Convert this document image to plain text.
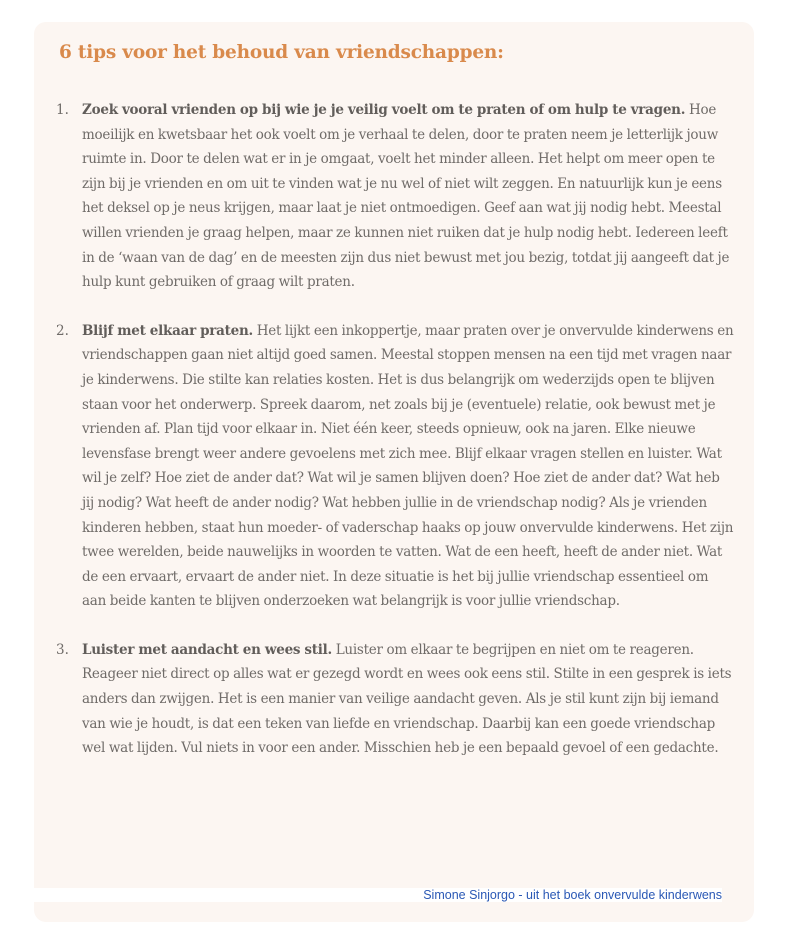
6 tips voor het behoud van vriendschappen:
1. Zoek vooral vrienden op bij wie je je veilig voelt om te praten of om hulp te vragen. Hoe moeilijk en kwetsbaar het ook voelt om je verhaal te delen, door te praten neem je letterlijk jouw ruimte in. Door te delen wat er in je omgaat, voelt het minder alleen. Het helpt om meer open te zijn bij je vrienden en om uit te vinden wat je nu wel of niet wilt zeggen. En natuurlijk kun je eens het deksel op je neus krijgen, maar laat je niet ontmoedigen. Geef aan wat jij nodig hebt. Meestal willen vrienden je graag helpen, maar ze kunnen niet ruiken dat je hulp nodig hebt. Iedereen leeft in de ‘waan van de dag’ en de meesten zijn dus niet bewust met jou bezig, totdat jij aangeeft dat je hulp kunt gebruiken of graag wilt praten.

2. Blijf met elkaar praten. Het lijkt een inkoppertje, maar praten over je onvervulde kinderwens en vriendschappen gaan niet altijd goed samen. Meestal stoppen mensen na een tijd met vragen naar je kinderwens. Die stilte kan relaties kosten. Het is dus belangrijk om wederzijds open te blijven staan voor het onderwerp. Spreek daarom, net zoals bij je (eventuele) relatie, ook bewust met je vrienden af. Plan tijd voor elkaar in. Niet één keer, steeds opnieuw, ook na jaren. Elke nieuwe levensfase brengt weer andere gevoelens met zich mee. Blijf elkaar vragen stellen en luister. Wat wil je zelf? Hoe ziet de ander dat? Wat wil je samen blijven doen? Hoe ziet de ander dat? Wat heb jij nodig? Wat heeft de ander nodig? Wat hebben jullie in de vriendschap nodig? Als je vrienden kinderen hebben, staat hun moeder- of vaderschap haaks op jouw onvervulde kinderwens. Het zijn twee werelden, beide nauwelijks in woorden te vatten. Wat de een heeft, heeft de ander niet. Wat de een ervaart, ervaart de ander niet. In deze situatie is het bij jullie vriendschap essentieel om aan beide kanten te blijven onderzoeken wat belangrijk is voor jullie vriendschap.

3. Luister met aandacht en wees stil. Luister om elkaar te begrijpen en niet om te reageren. Reageer niet direct op alles wat er gezegd wordt en wees ook eens stil. Stilte in een gesprek is iets anders dan zwijgen. Het is een manier van veilige aandacht geven. Als je stil kunt zijn bij iemand van wie je houdt, is dat een teken van liefde en vriendschap. Daarbij kan een goede vriendschap wel wat lijden. Vul niets in voor een ander. Misschien heb je een bepaald gevoel of een gedachte.

Simone Sinjorgo - uit het boek onvervulde kinderwens
